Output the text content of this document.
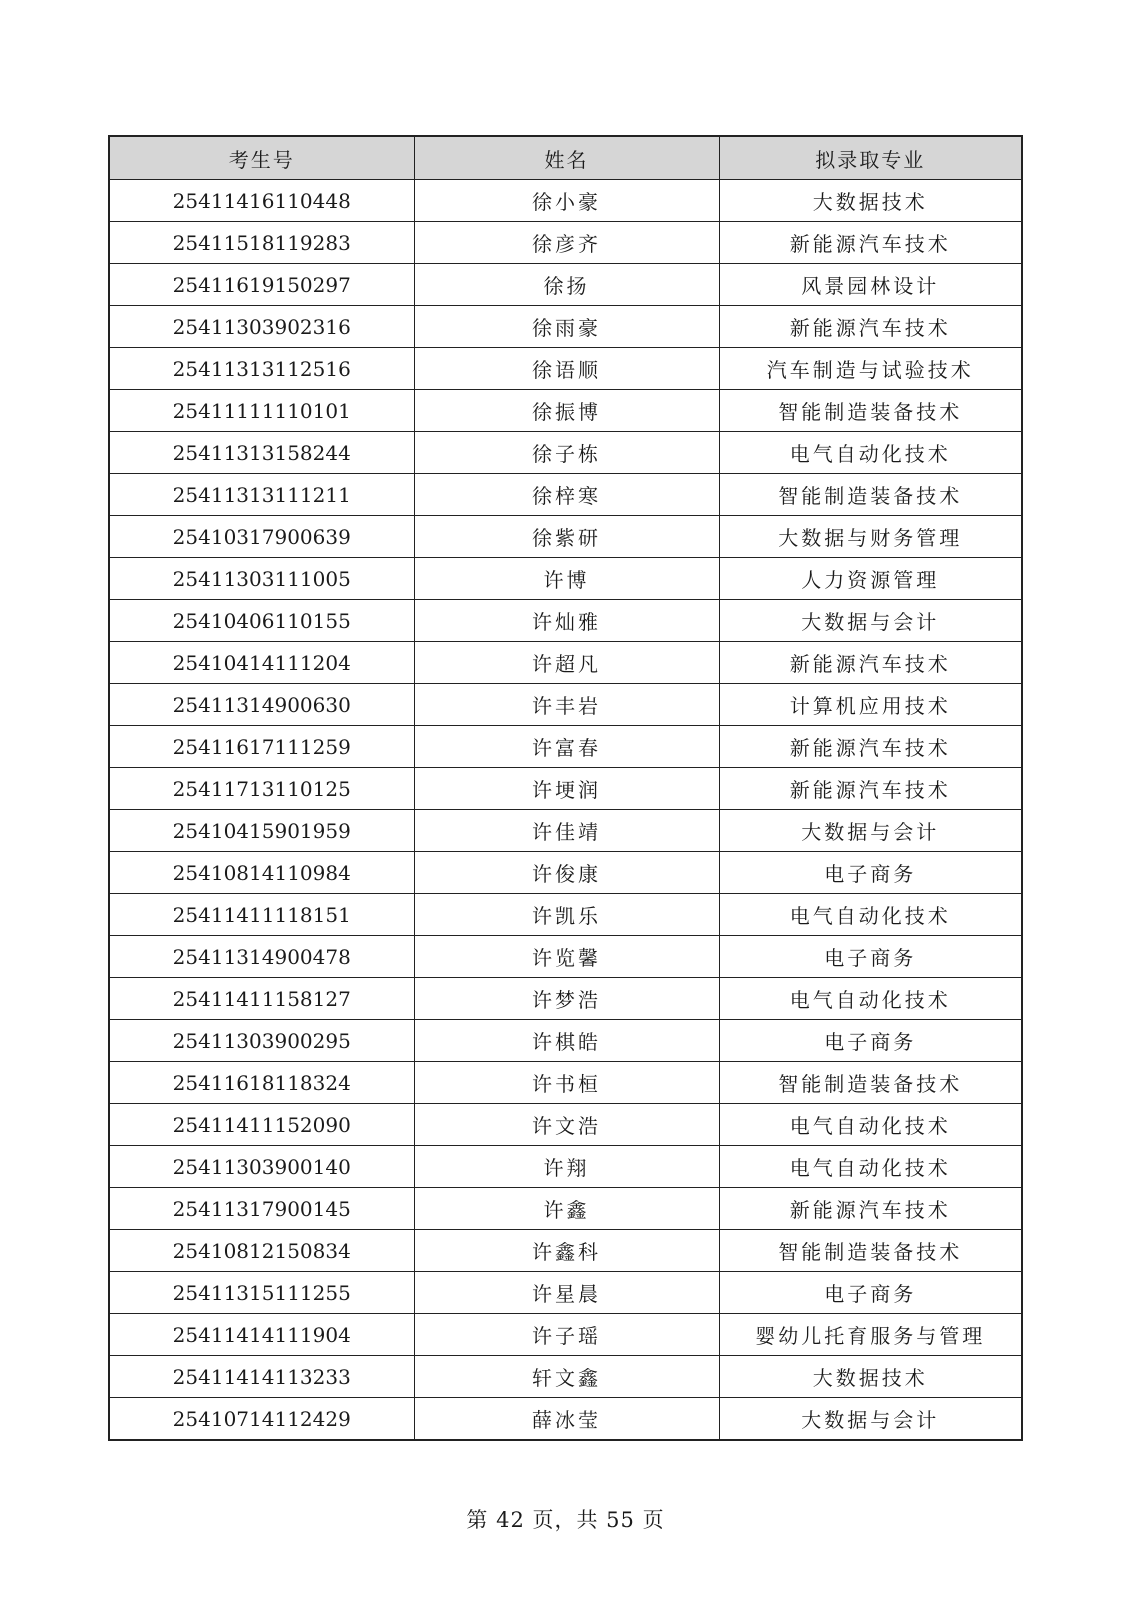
考生号	姓名	拟录取专业
25411416110448	徐小豪	大数据技术
25411518119283	徐彦齐	新能源汽车技术
25411619150297	徐扬	风景园林设计
25411303902316	徐雨豪	新能源汽车技术
25411313112516	徐语顺	汽车制造与试验技术
25411111110101	徐振博	智能制造装备技术
25411313158244	徐子栋	电气自动化技术
25411313111211	徐梓寒	智能制造装备技术
25410317900639	徐紫研	大数据与财务管理
25411303111005	许博	人力资源管理
25410406110155	许灿雅	大数据与会计
25410414111204	许超凡	新能源汽车技术
25411314900630	许丰岩	计算机应用技术
25411617111259	许富春	新能源汽车技术
25411713110125	许埂润	新能源汽车技术
25410415901959	许佳靖	大数据与会计
25410814110984	许俊康	电子商务
25411411118151	许凯乐	电气自动化技术
25411314900478	许览馨	电子商务
25411411158127	许梦浩	电气自动化技术
25411303900295	许棋皓	电子商务
25411618118324	许书桓	智能制造装备技术
25411411152090	许文浩	电气自动化技术
25411303900140	许翔	电气自动化技术
25411317900145	许鑫	新能源汽车技术
25410812150834	许鑫科	智能制造装备技术
25411315111255	许星晨	电子商务
25411414111904	许子瑶	婴幼儿托育服务与管理
25411414113233	轩文鑫	大数据技术
25410714112429	薛冰莹	大数据与会计
第 42 页，共 55 页
